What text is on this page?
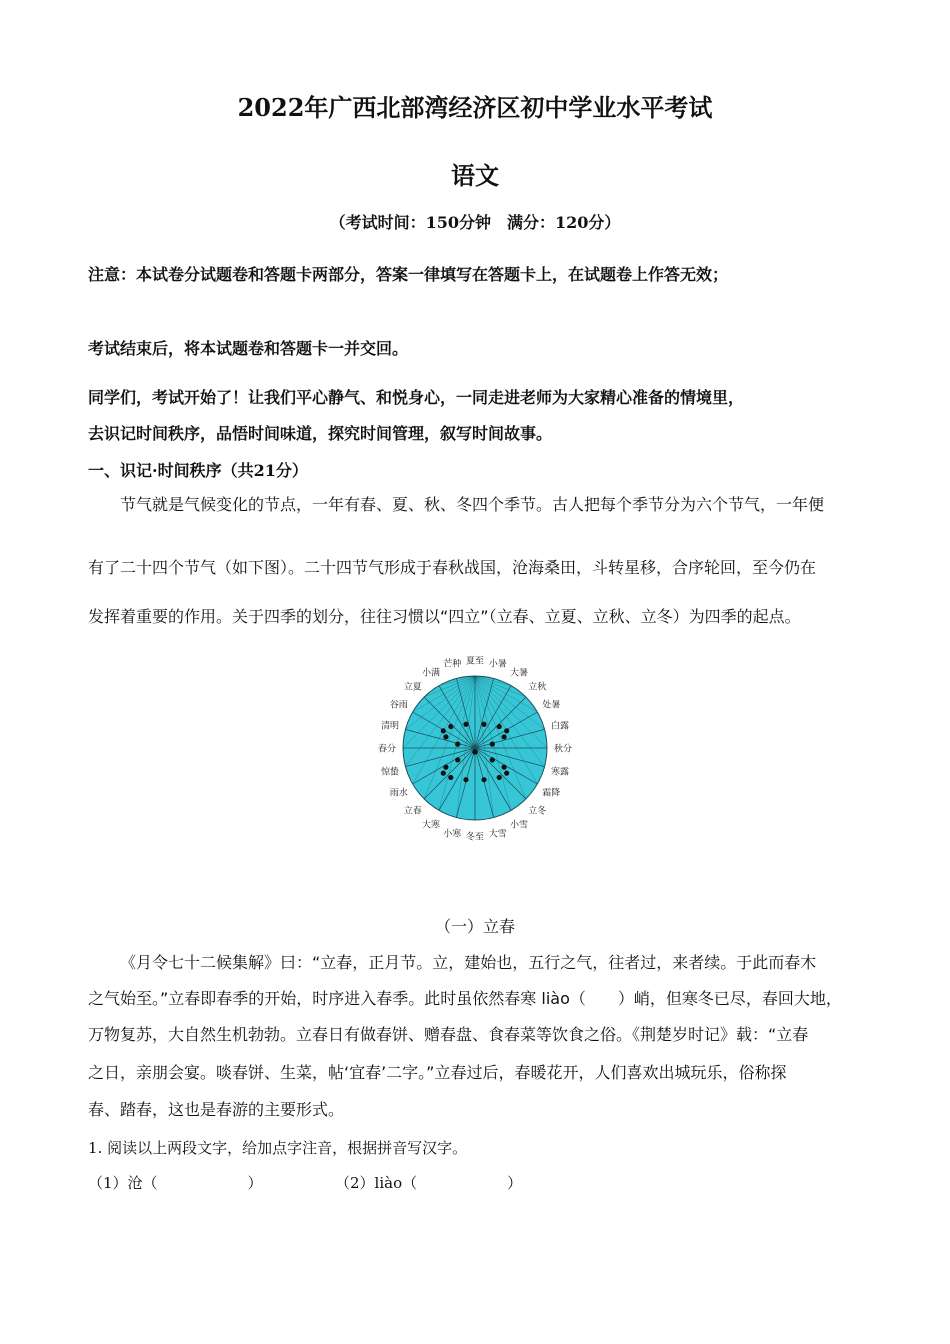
2022年广西北部湾经济区初中学业水平考试
语文
（考试时间：150分钟　满分：120分）
注意：本试卷分试题卷和答题卡两部分，答案一律填写在答题卡上，在试题卷上作答无效；
考试结束后，将本试题卷和答题卡一并交回。
同学们，考试开始了！让我们平心静气、和悦身心，一同走进老师为大家精心准备的情境里，
去识记时间秩序，品悟时间味道，探究时间管理，叙写时间故事。
一、识记·时间秩序（共21分）
节气就是气候变化的节点，一年有春、夏、秋、冬四个季节。古人把每个季节分为六个节气，一年便
有了二十四个节气（如下图）。二十四节气形成于春秋战国，沧海桑田，斗转星移，合序轮回，至今仍在
发挥着重要的作用。关于四季的划分，往往习惯以“四立”（立春、立夏、立秋、立冬）为四季的起点。
夏至 小暑
大暑
立秋
处暑
白露
秋分
寒露
霜降
立冬
小雪
大雪
冬至
小寒
大寒
立春
雨水
惊蛰
春分
清明
谷雨
立夏
小满
芒种
（一）立春
《月令七十二候集解》曰：“立春，正月节。立，建始也，五行之气，往者过，来者续。于此而春木
之气始至。”立春即春季的开始，时序进入春季。此时虽依然春寒 liào（　　）峭，但寒冬已尽，春回大地，
万物复苏，大自然生机勃勃。立春日有做春饼、赠春盘、食春菜等饮食之俗。《荆楚岁时记》载：“立春
之日，亲朋会宴。啖春饼、生菜，帖‘宜春’二字。”立春过后，春暖花开，人们喜欢出城玩乐，俗称探
春、踏春，这也是春游的主要形式。
1. 阅读以上两段文字，给加点字注音，根据拼音写汉字。
（1）沧（　　　　　　）	（2）liào（　　　　　　）
